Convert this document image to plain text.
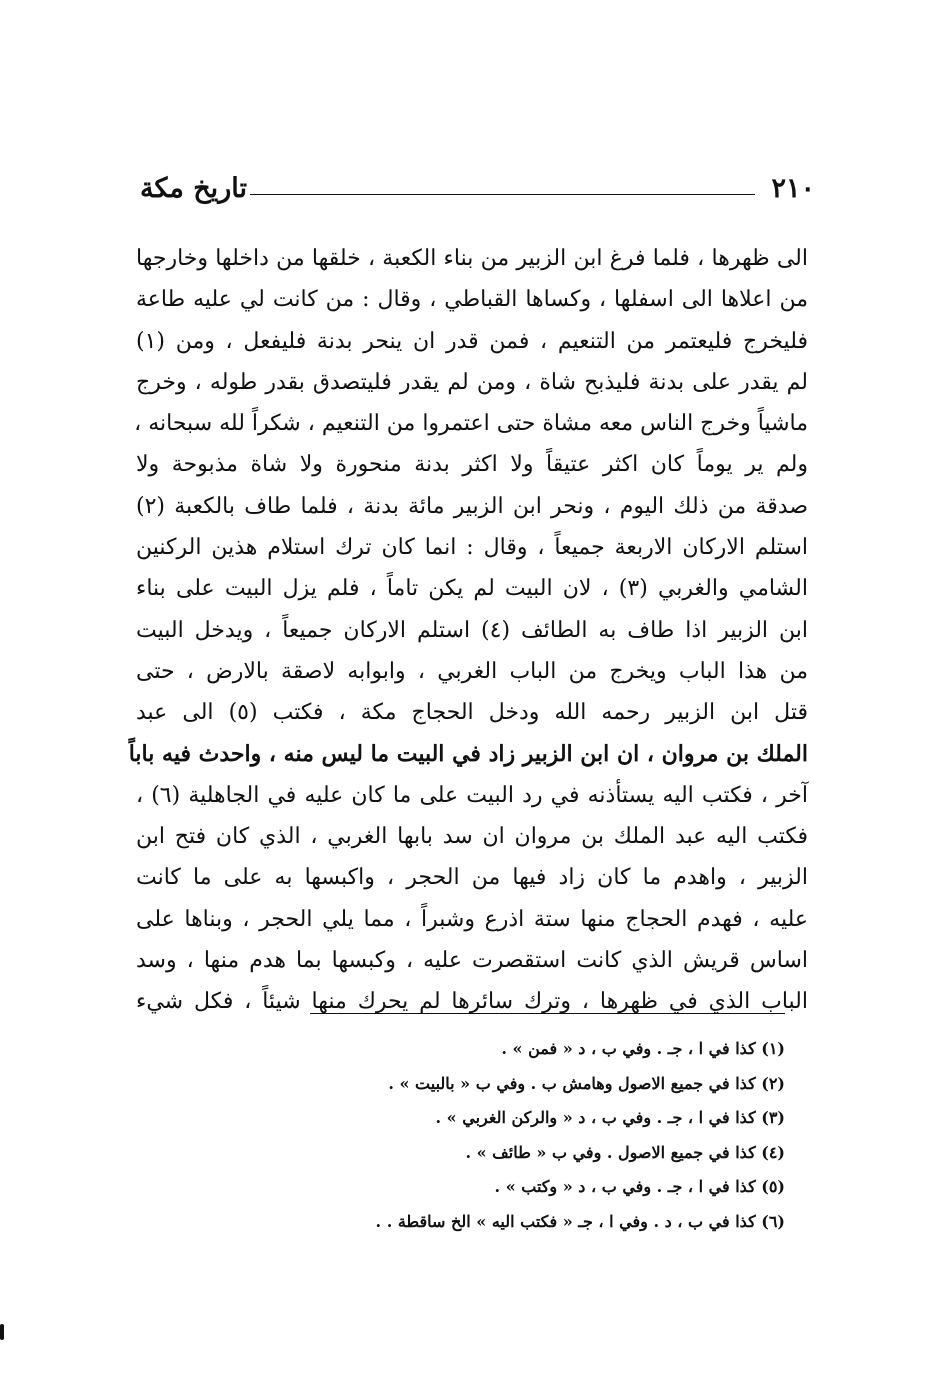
٢١٠
تاريخ مكة
الى ظهرها ، فلما فرغ ابن الزبير من بناء الكعبة ، خلقها من داخلها وخارجها
من اعلاها الى اسفلها ، وكساها القباطي ، وقال : من كانت لي عليه طاعة
فليخرج فليعتمر من التنعيم ، فمن قدر ان ينحر بدنة فليفعل ، ومن (١)
لم يقدر على بدنة فليذبح شاة ، ومن لم يقدر فليتصدق بقدر طوله ، وخرج
ماشياً وخرج الناس معه مشاة حتى اعتمروا من التنعيم ، شكراً لله سبحانه ،
ولم ير يوماً كان اكثر عتيقاً ولا اكثر بدنة منحورة ولا شاة مذبوحة ولا
صدقة من ذلك اليوم ، ونحر ابن الزبير مائة بدنة ، فلما طاف بالكعبة (٢)
استلم الاركان الاربعة جميعاً ، وقال : انما كان ترك استلام هذين الركنين
الشامي والغربي (٣) ، لان البيت لم يكن تاماً ، فلم يزل البيت على بناء
ابن الزبير اذا طاف به الطائف (٤) استلم الاركان جميعاً ، ويدخل البيت
من هذا الباب ويخرج من الباب الغربي ، وابوابه لاصقة بالارض ، حتى
قتل ابن الزبير رحمه الله ودخل الحجاج مكة ، فكتب (٥) الى عبد
الملك بن مروان ، ان ابن الزبير زاد في البيت ما ليس منه ، واحدث فيه باباً
آخر ، فكتب اليه يستأذنه في رد البيت على ما كان عليه في الجاهلية (٦) ،
فكتب اليه عبد الملك بن مروان ان سد بابها الغربي ، الذي كان فتح ابن
الزبير ، واهدم ما كان زاد فيها من الحجر ، واكبسها به على ما كانت
عليه ، فهدم الحجاج منها ستة اذرع وشبراً ، مما يلي الحجر ، وبناها على
اساس قريش الذي كانت استقصرت عليه ، وكبسها بما هدم منها ، وسد
الباب الذي في ظهرها ، وترك سائرها لم يحرك منها شيئاً ، فكل شيء
(١) كذا في ا ، جـ . وفي ب ، د « فمن » .
(٢) كذا في جميع الاصول وهامش ب . وفي ب « بالبيت » .
(٣) كذا في ا ، جـ . وفي ب ، د « والركن الغربي » .
(٤) كذا في جميع الاصول . وفي ب « طائف » .
(٥) كذا في ا ، جـ . وفي ب ، د « وكتب » .
(٦) كذا في ب ، د . وفي ا ، جـ « فكتب اليه » الخ ساقطة . .
